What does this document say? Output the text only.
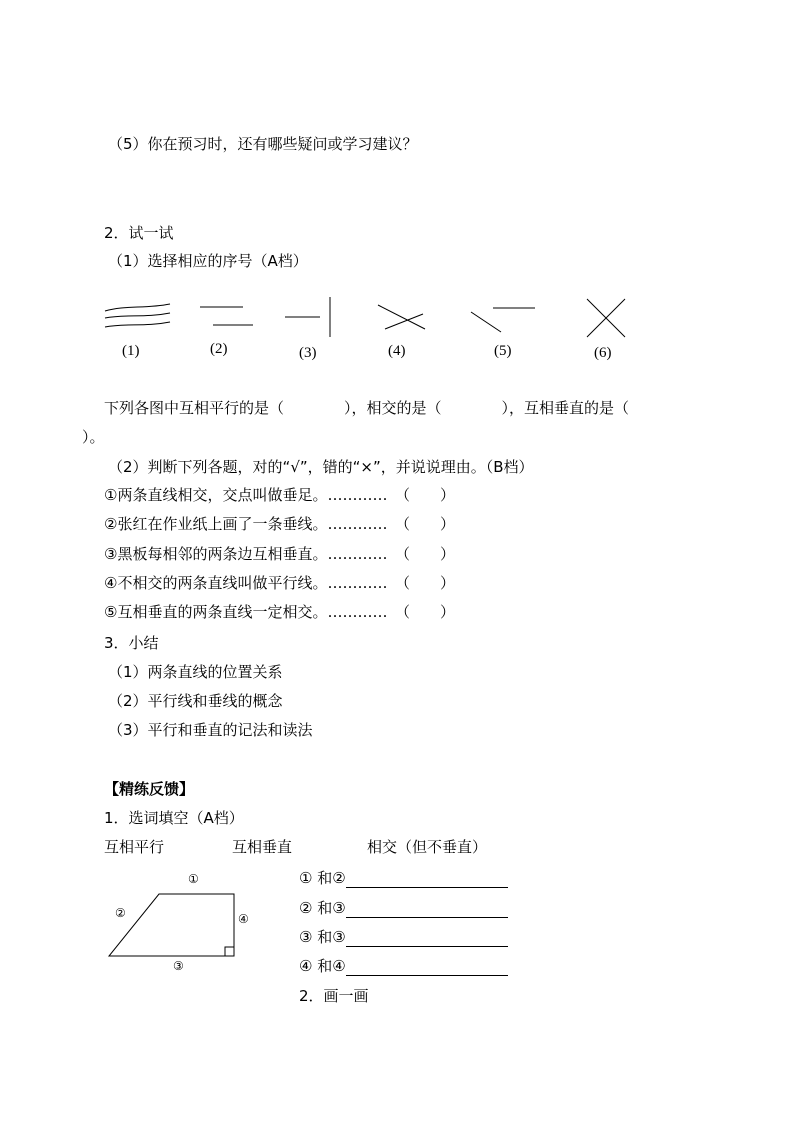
（5）你在预习时，还有哪些疑问或学习建议？
2．试一试
（1）选择相应的序号（A档）
(1)	(2)	(3)	(4)	(5)	(6)
下列各图中互相平行的是（　　　　），相交的是（　　　　），互相垂直的是（
）。
（2）判断下列各题，对的“√”，错的“×”，并说说理由。（B档）
①两条直线相交，交点叫做垂足。…………　（　　）
②张红在作业纸上画了一条垂线。…………　（　　）
③黑板每相邻的两条边互相垂直。…………　（　　）
④不相交的两条直线叫做平行线。…………　（　　）
⑤互相垂直的两条直线一定相交。…………　（　　）
3．小结
（1）两条直线的位置关系
（2）平行线和垂线的概念
（3）平行和垂直的记法和读法
【精练反馈】
1．选词填空（A档）
互相平行	互相垂直	相交（但不垂直）
①
②
③
④
① 和②
② 和③
③ 和③
④ 和④
2．画一画
